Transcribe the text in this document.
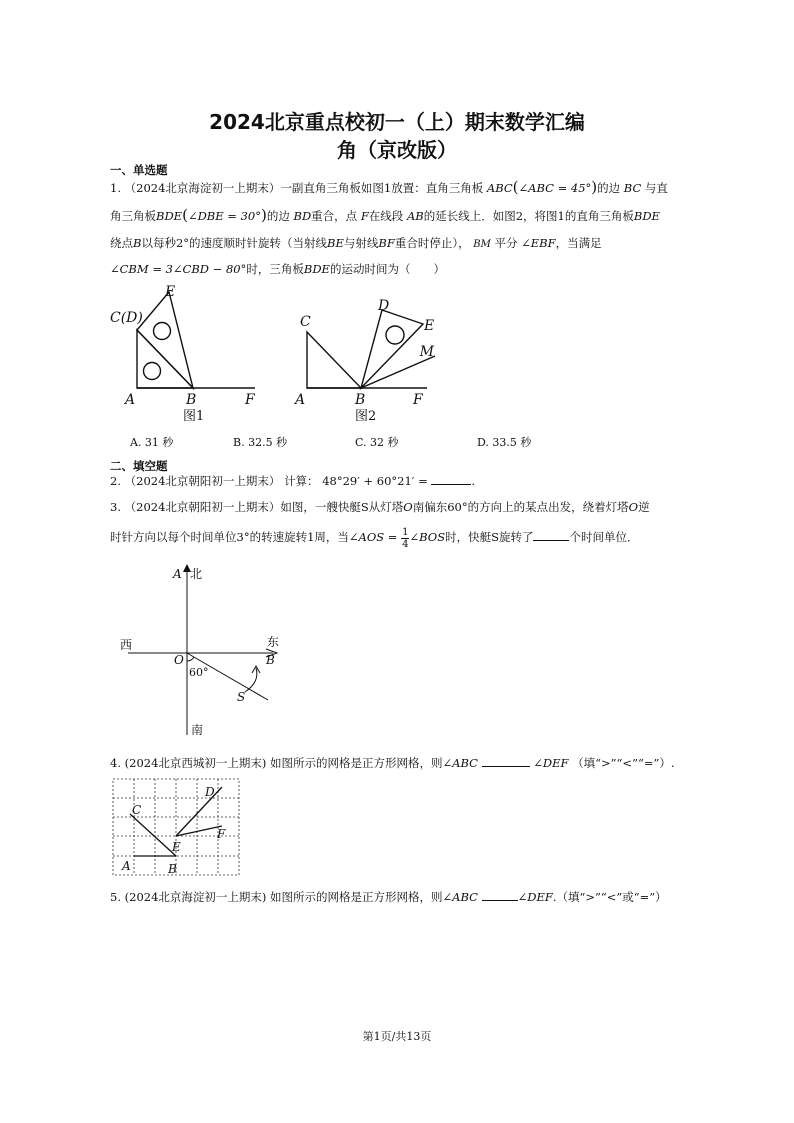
2024北京重点校初一（上）期末数学汇编
角（京改版）
一、单选题
1. （2024北京海淀初一上期末）一副直角三角板如图1放置：直角三角板 ABC(∠ABC = 45°)的边 BC 与直
角三角板BDE(∠DBE = 30°)的边 BD重合，点 F在线段 AB的延长线上．如图2，将图1的直角三角板BDE
绕点B以每秒2°的速度顺时针旋转（当射线BE与射线BF重合时停止）， BM 平分 ∠EBF，当满足
∠CBM = 3∠CBD − 80°时，三角板BDE的运动时间为（　　）
C(D)
E
A	B	F
C
D
E
M
A	B	F
图1	图2
A. 31 秒	B. 32.5 秒	C. 32 秒	D. 33.5 秒
二、填空题
2. （2024北京朝阳初一上期末） 计算： 48°29′ + 60°21′ =	.
3. （2024北京朝阳初一上期末）如图，一艘快艇S从灯塔O南偏东60°的方向上的某点出发，绕着灯塔O逆
时针方向以每个时间单位3°的转速旋转1周，当∠AOS = $\frac{1}{4}\angle BOS$时，快艇S旋转了	个时间单位．
A 北
西	东
O	B
60°
S
南
4. (2024北京西城初一上期末) 如图所示的网格是正方形网格，则∠ABC	∠DEF （填“>”“<”“=”）.
A	B
C
D
E
F
5. (2024北京海淀初一上期末) 如图所示的网格是正方形网格，则∠ABC	∠DEF.（填“>”“<”或“=”）
第1页/共13页
